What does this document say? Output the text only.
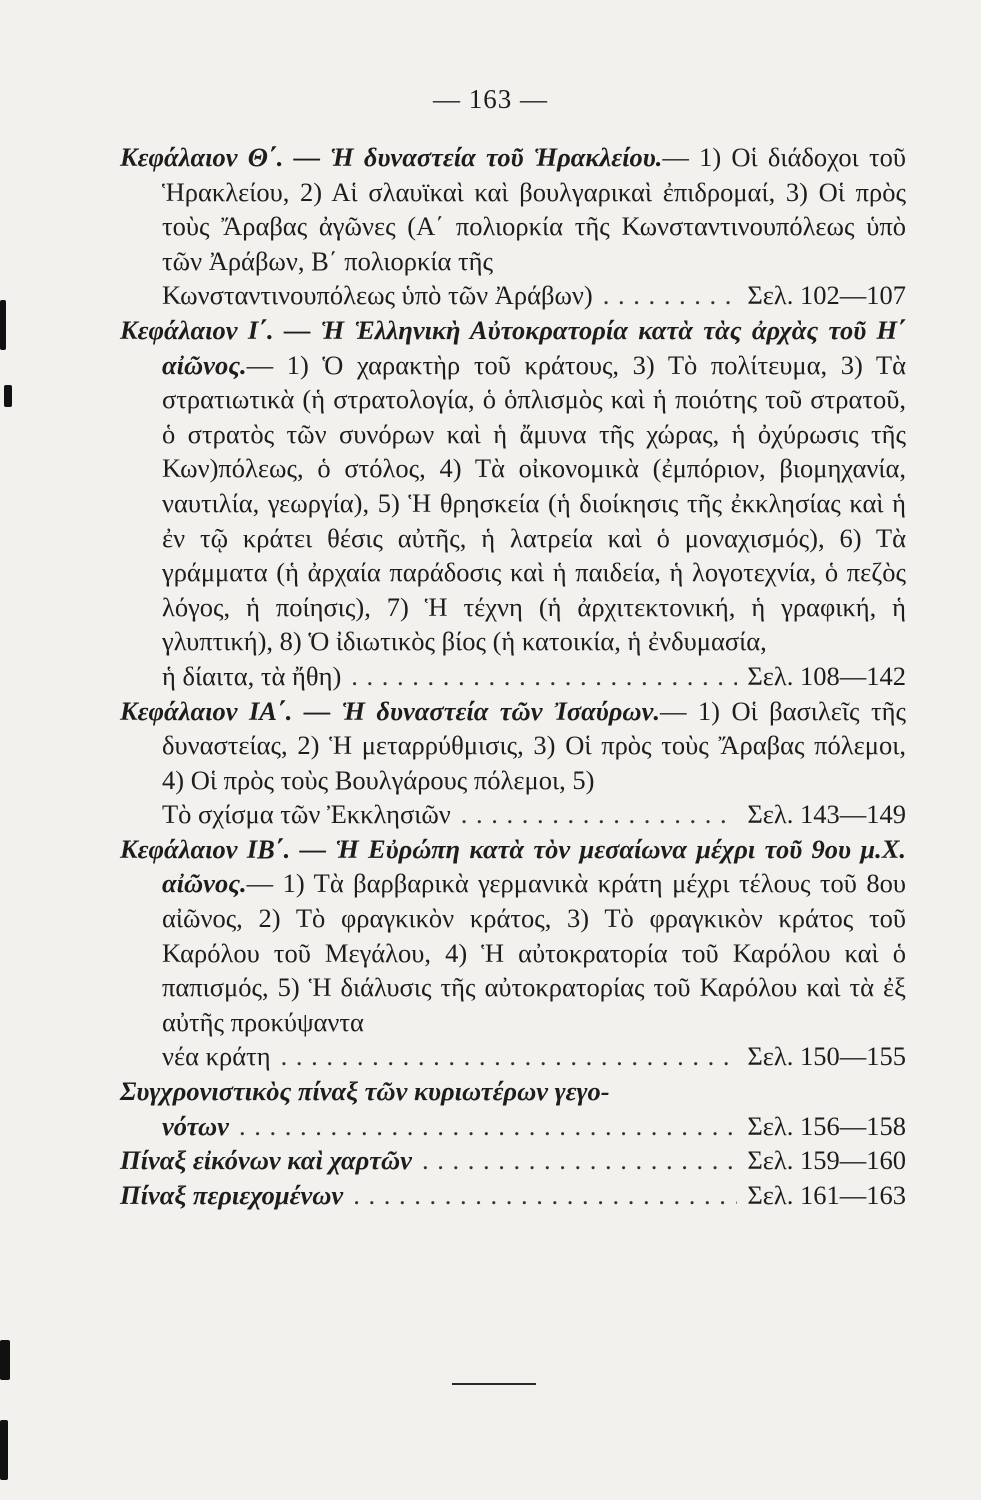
— 163 —

Κεφάλαιον Θ΄. — Ἡ δυναστεία τοῦ Ἡρακλείου.— 1) Οἱ διάδοχοι τοῦ Ἡρακλείου, 2) Αἱ σλαυϊκαὶ καὶ βουλγαρικαὶ ἐπιδρομαί, 3) Οἱ πρὸς τοὺς Ἄραβας ἀγῶνες (Α΄ πολιορκία τῆς Κωνσταντινουπόλεως ὑπὸ τῶν Ἀράβων, Β΄ πολιορκία τῆς

Κωνσταντινουπόλεως ὑπὸ τῶν Ἀράβων) . . .	Σελ. 102—107

Κεφάλαιον Ι΄. — Ἡ Ἑλληνικὴ Αὐτοκρατορία κατὰ τὰς ἀρχὰς τοῦ Η΄ αἰῶνος.— 1) Ὁ χαρακτὴρ τοῦ κράτους, 3) Τὸ πολίτευμα, 3) Τὰ στρατιωτικὰ (ἡ στρατολογία, ὁ ὁπλισμὸς καὶ ἡ ποιότης τοῦ στρατοῦ, ὁ στρατὸς τῶν συνόρων καὶ ἡ ἄμυνα τῆς χώρας, ἡ ὀχύρωσις τῆς Κων)πόλεως, ὁ στόλος, 4) Τὰ οἰκονομικὰ (ἐμπόριον, βιομηχανία, ναυτιλία, γεωργία), 5) Ἡ θρησκεία (ἡ διοίκησις τῆς ἐκκλησίας καὶ ἡ ἐν τῷ κράτει θέσις αὐτῆς, ἡ λατρεία καὶ ὁ μοναχισμός), 6) Τὰ γράμματα (ἡ ἀρχαία παράδοσις καὶ ἡ παιδεία, ἡ λογοτεχνία, ὁ πεζὸς λόγος, ἡ ποίησις), 7) Ἡ τέχνη (ἡ ἀρχιτεκτονική, ἡ γραφική, ἡ γλυπτική), 8) Ὁ ἰδιωτικὸς βίος (ἡ κατοικία, ἡ ἐνδυμασία,

ἡ δίαιτα, τὰ ἤθη) . . .	Σελ. 108—142

Κεφάλαιον ΙΑ΄. — Ἡ δυναστεία τῶν Ἰσαύρων.— 1) Οἱ βασιλεῖς τῆς δυναστείας, 2) Ἡ μεταρρύθμισις, 3) Οἱ πρὸς τοὺς Ἄραβας πόλεμοι, 4) Οἱ πρὸς τοὺς Βουλγάρους πόλεμοι, 5)

Τὸ σχίσμα τῶν Ἐκκλησιῶν . . .	Σελ. 143—149

Κεφάλαιον ΙΒ΄. — Ἡ Εὐρώπη κατὰ τὸν μεσαίωνα μέχρι τοῦ 9ου μ.Χ. αἰῶνος.— 1) Τὰ βαρβαρικὰ γερμανικὰ κράτη μέχρι τέλους τοῦ 8ου αἰῶνος, 2) Τὸ φραγκικὸν κράτος, 3) Τὸ φραγκικὸν κράτος τοῦ Καρόλου τοῦ Μεγάλου, 4) Ἡ αὐτοκρατορία τοῦ Καρόλου καὶ ὁ παπισμός, 5) Ἡ διάλυσις τῆς αὐτοκρατορίας τοῦ Καρόλου καὶ τὰ ἐξ αὐτῆς προκύψαντα

νέα κράτη . . .	Σελ. 150—155

Συγχρονιστικὸς πίναξ τῶν κυριωτέρων γεγο-

νότων . . .	Σελ. 156—158
Πίναξ εἰκόνων καὶ χαρτῶν . . .	Σελ. 159—160
Πίναξ περιεχομένων . . .	Σελ. 161—163
